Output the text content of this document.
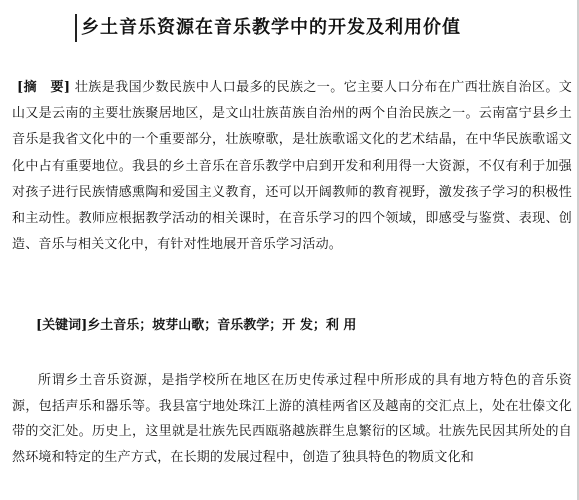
乡土音乐资源在音乐教学中的开发及利用价值
[摘　要] 壮族是我国少数民族中人口最多的民族之一。它主要人口分布在广西壮族自治区。文山又是云南的主要壮族聚居地区，是文山壮族苗族自治州的两个自治民族之一。云南富宁县乡土音乐是我省文化中的一个重要部分，壮族嘹歌，是壮族歌谣文化的艺术结晶，在中华民族歌谣文化中占有重要地位。我县的乡土音乐在音乐教学中启到开发和利用得一大资源，不仅有利于加强对孩子进行民族情感熏陶和爱国主义教育，还可以开阔教师的教育视野，激发孩子学习的积极性和主动性。教师应根据教学活动的相关课时，在音乐学习的四个领域，即感受与鉴赏、表现、创造、音乐与相关文化中，有针对性地展开音乐学习活动。
[关键词]乡土音乐；坡芽山歌；音乐教学；开 发；利 用
所谓乡土音乐资源，是指学校所在地区在历史传承过程中所形成的具有地方特色的音乐资源，包括声乐和器乐等。我县富宁地处珠江上游的滇桂两省区及越南的交汇点上，处在壮傣文化带的交汇处。历史上，这里就是壮族先民西瓯骆越族群生息繁衍的区域。壮族先民因其所处的自然环境和特定的生产方式，在长期的发展过程中，创造了独具特色的物质文化和
